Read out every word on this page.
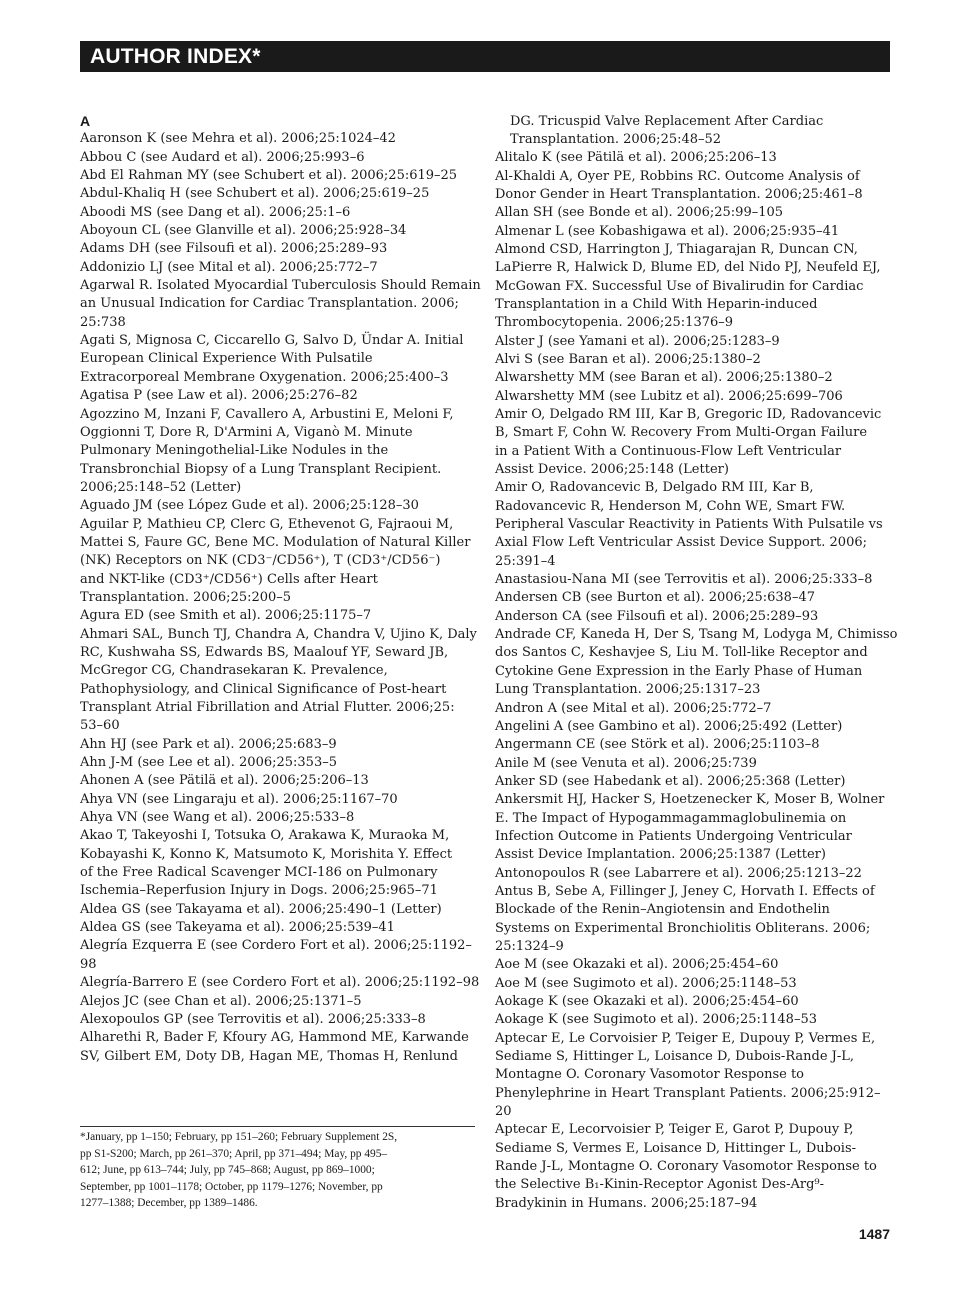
AUTHOR INDEX*
A
Aaronson K (see Mehra et al). 2006;25:1024–42
Abbou C (see Audard et al). 2006;25:993–6
Abd El Rahman MY (see Schubert et al). 2006;25:619–25
Abdul-Khaliq H (see Schubert et al). 2006;25:619–25
Aboodi MS (see Dang et al). 2006;25:1–6
Aboyoun CL (see Glanville et al). 2006;25:928–34
Adams DH (see Filsoufi et al). 2006;25:289–93
Addonizio LJ (see Mital et al). 2006;25:772–7
Agarwal R. Isolated Myocardial Tuberculosis Should Remain
an Unusual Indication for Cardiac Transplantation. 2006;
25:738
Agati S, Mignosa C, Ciccarello G, Salvo D, Ündar A. Initial
European Clinical Experience With Pulsatile
Extracorporeal Membrane Oxygenation. 2006;25:400–3
Agatisa P (see Law et al). 2006;25:276–82
Agozzino M, Inzani F, Cavallero A, Arbustini E, Meloni F,
Oggionni T, Dore R, D'Armini A, Viganò M. Minute
Pulmonary Meningothelial-Like Nodules in the
Transbronchial Biopsy of a Lung Transplant Recipient.
2006;25:148–52 (Letter)
Aguado JM (see López Gude et al). 2006;25:128–30
Aguilar P, Mathieu CP, Clerc G, Ethevenot G, Fajraoui M,
Mattei S, Faure GC, Bene MC. Modulation of Natural Killer
(NK) Receptors on NK (CD3⁻/CD56⁺), T (CD3⁺/CD56⁻)
and NKT-like (CD3⁺/CD56⁺) Cells after Heart
Transplantation. 2006;25:200–5
Agura ED (see Smith et al). 2006;25:1175–7
Ahmari SAL, Bunch TJ, Chandra A, Chandra V, Ujino K, Daly
RC, Kushwaha SS, Edwards BS, Maalouf YF, Seward JB,
McGregor CG, Chandrasekaran K. Prevalence,
Pathophysiology, and Clinical Significance of Post-heart
Transplant Atrial Fibrillation and Atrial Flutter. 2006;25:
53–60
Ahn HJ (see Park et al). 2006;25:683–9
Ahn J-M (see Lee et al). 2006;25:353–5
Ahonen A (see Pätilä et al). 2006;25:206–13
Ahya VN (see Lingaraju et al). 2006;25:1167–70
Ahya VN (see Wang et al). 2006;25:533–8
Akao T, Takeyoshi I, Totsuka O, Arakawa K, Muraoka M,
Kobayashi K, Konno K, Matsumoto K, Morishita Y. Effect
of the Free Radical Scavenger MCI-186 on Pulmonary
Ischemia–Reperfusion Injury in Dogs. 2006;25:965–71
Aldea GS (see Takayama et al). 2006;25:490–1 (Letter)
Aldea GS (see Takeyama et al). 2006;25:539–41
Alegría Ezquerra E (see Cordero Fort et al). 2006;25:1192–
98
Alegría-Barrero E (see Cordero Fort et al). 2006;25:1192–98
Alejos JC (see Chan et al). 2006;25:1371–5
Alexopoulos GP (see Terrovitis et al). 2006;25:333–8
Alharethi R, Bader F, Kfoury AG, Hammond ME, Karwande
SV, Gilbert EM, Doty DB, Hagan ME, Thomas H, Renlund
DG. Tricuspid Valve Replacement After Cardiac
Transplantation. 2006;25:48–52
Alitalo K (see Pätilä et al). 2006;25:206–13
Al-Khaldi A, Oyer PE, Robbins RC. Outcome Analysis of
Donor Gender in Heart Transplantation. 2006;25:461–8
Allan SH (see Bonde et al). 2006;25:99–105
Almenar L (see Kobashigawa et al). 2006;25:935–41
Almond CSD, Harrington J, Thiagarajan R, Duncan CN,
LaPierre R, Halwick D, Blume ED, del Nido PJ, Neufeld EJ,
McGowan FX. Successful Use of Bivalirudin for Cardiac
Transplantation in a Child With Heparin-induced
Thrombocytopenia. 2006;25:1376–9
Alster J (see Yamani et al). 2006;25:1283–9
Alvi S (see Baran et al). 2006;25:1380–2
Alwarshetty MM (see Baran et al). 2006;25:1380–2
Alwarshetty MM (see Lubitz et al). 2006;25:699–706
Amir O, Delgado RM III, Kar B, Gregoric ID, Radovancevic
B, Smart F, Cohn W. Recovery From Multi-Organ Failure
in a Patient With a Continuous-Flow Left Ventricular
Assist Device. 2006;25:148 (Letter)
Amir O, Radovancevic B, Delgado RM III, Kar B,
Radovancevic R, Henderson M, Cohn WE, Smart FW.
Peripheral Vascular Reactivity in Patients With Pulsatile vs
Axial Flow Left Ventricular Assist Device Support. 2006;
25:391–4
Anastasiou-Nana MI (see Terrovitis et al). 2006;25:333–8
Andersen CB (see Burton et al). 2006;25:638–47
Anderson CA (see Filsoufi et al). 2006;25:289–93
Andrade CF, Kaneda H, Der S, Tsang M, Lodyga M, Chimisso
dos Santos C, Keshavjee S, Liu M. Toll-like Receptor and
Cytokine Gene Expression in the Early Phase of Human
Lung Transplantation. 2006;25:1317–23
Andron A (see Mital et al). 2006;25:772–7
Angelini A (see Gambino et al). 2006;25:492 (Letter)
Angermann CE (see Störk et al). 2006;25:1103–8
Anile M (see Venuta et al). 2006;25:739
Anker SD (see Habedank et al). 2006;25:368 (Letter)
Ankersmit HJ, Hacker S, Hoetzenecker K, Moser B, Wolner
E. The Impact of Hypogammagammaglobulinemia on
Infection Outcome in Patients Undergoing Ventricular
Assist Device Implantation. 2006;25:1387 (Letter)
Antonopoulos R (see Labarrere et al). 2006;25:1213–22
Antus B, Sebe A, Fillinger J, Jeney C, Horvath I. Effects of
Blockade of the Renin–Angiotensin and Endothelin
Systems on Experimental Bronchiolitis Obliterans. 2006;
25:1324–9
Aoe M (see Okazaki et al). 2006;25:454–60
Aoe M (see Sugimoto et al). 2006;25:1148–53
Aokage K (see Okazaki et al). 2006;25:454–60
Aokage K (see Sugimoto et al). 2006;25:1148–53
Aptecar E, Le Corvoisier P, Teiger E, Dupouy P, Vermes E,
Sediame S, Hittinger L, Loisance D, Dubois-Rande J-L,
Montagne O. Coronary Vasomotor Response to
Phenylephrine in Heart Transplant Patients. 2006;25:912–
20
Aptecar E, Lecorvoisier P, Teiger E, Garot P, Dupouy P,
Sediame S, Vermes E, Loisance D, Hittinger L, Dubois-
Rande J-L, Montagne O. Coronary Vasomotor Response to
the Selective B₁-Kinin-Receptor Agonist Des-Arg⁹-
Bradykinin in Humans. 2006;25:187–94
*January, pp 1–150; February, pp 151–260; February Supplement 2S,
pp S1-S200; March, pp 261–370; April, pp 371–494; May, pp 495–
612; June, pp 613–744; July, pp 745–868; August, pp 869–1000;
September, pp 1001–1178; October, pp 1179–1276; November, pp
1277–1388; December, pp 1389–1486.
1487
